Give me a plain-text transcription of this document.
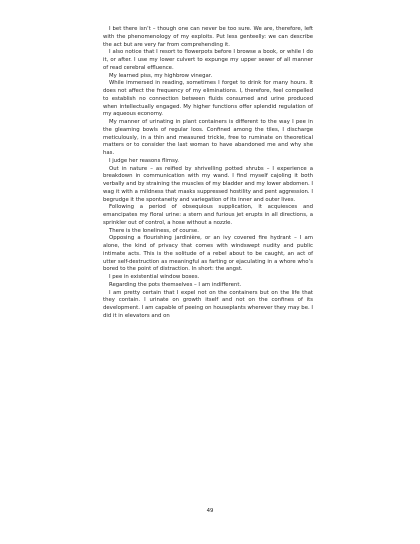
I bet there isn’t – though one can never be too sure. We are, therefore, left with the phenomenology of my exploits. Put less genteelly: we can describe the act but are very far from comprehending it.

I also notice that I resort to flowerpots before I browse a book, or while I do it, or after. I use my lower culvert to expunge my upper sewer of all manner of read cerebral effluence.

My learned piss, my highbrow vinegar.

While immersed in reading, sometimes I forget to drink for many hours. It does not affect the frequency of my eliminations. I, therefore, feel compelled to establish no connection between fluids consumed and urine produced when intellectually engaged. My higher functions offer splendid regulation of my aqueous economy.

My manner of urinating in plant containers is different to the way I pee in the gleaming bowls of regular loos. Confined among the tiles, I discharge meticulously, in a thin and measured trickle, free to ruminate on theoretical matters or to consider the last woman to have abandoned me and why she has.

I judge her reasons flimsy.

Out in nature – as reified by shrivelling potted shrubs – I experience a breakdown in communication with my wand. I find myself cajoling it both verbally and by straining the muscles of my bladder and my lower abdomen. I wag it with a mildness that masks suppressed hostility and pent aggression. I begrudge it the spontaneity and variegation of its inner and outer lives.

Following a period of obsequious supplication, it acquiesces and emancipates my floral urine: a stern and furious jet erupts in all directions, a sprinkler out of control, a hose without a nozzle.

There is the loneliness, of course.

Opposing a flourishing jardinière, or an ivy covered fire hydrant – I am alone, the kind of privacy that comes with windswept nudity and public intimate acts. This is the solitude of a rebel about to be caught, an act of utter self-destruction as meaningful as farting or ejaculating in a whore who’s bored to the point of distraction. In short: the angst.

I pee in existential window boxes.

Regarding the pots themselves – I am indifferent.

I am pretty certain that I expel not on the containers but on the life that they contain. I urinate on growth itself and not on the confines of its development. I am capable of peeing on houseplants wherever they may be. I did it in elevators and on

49
